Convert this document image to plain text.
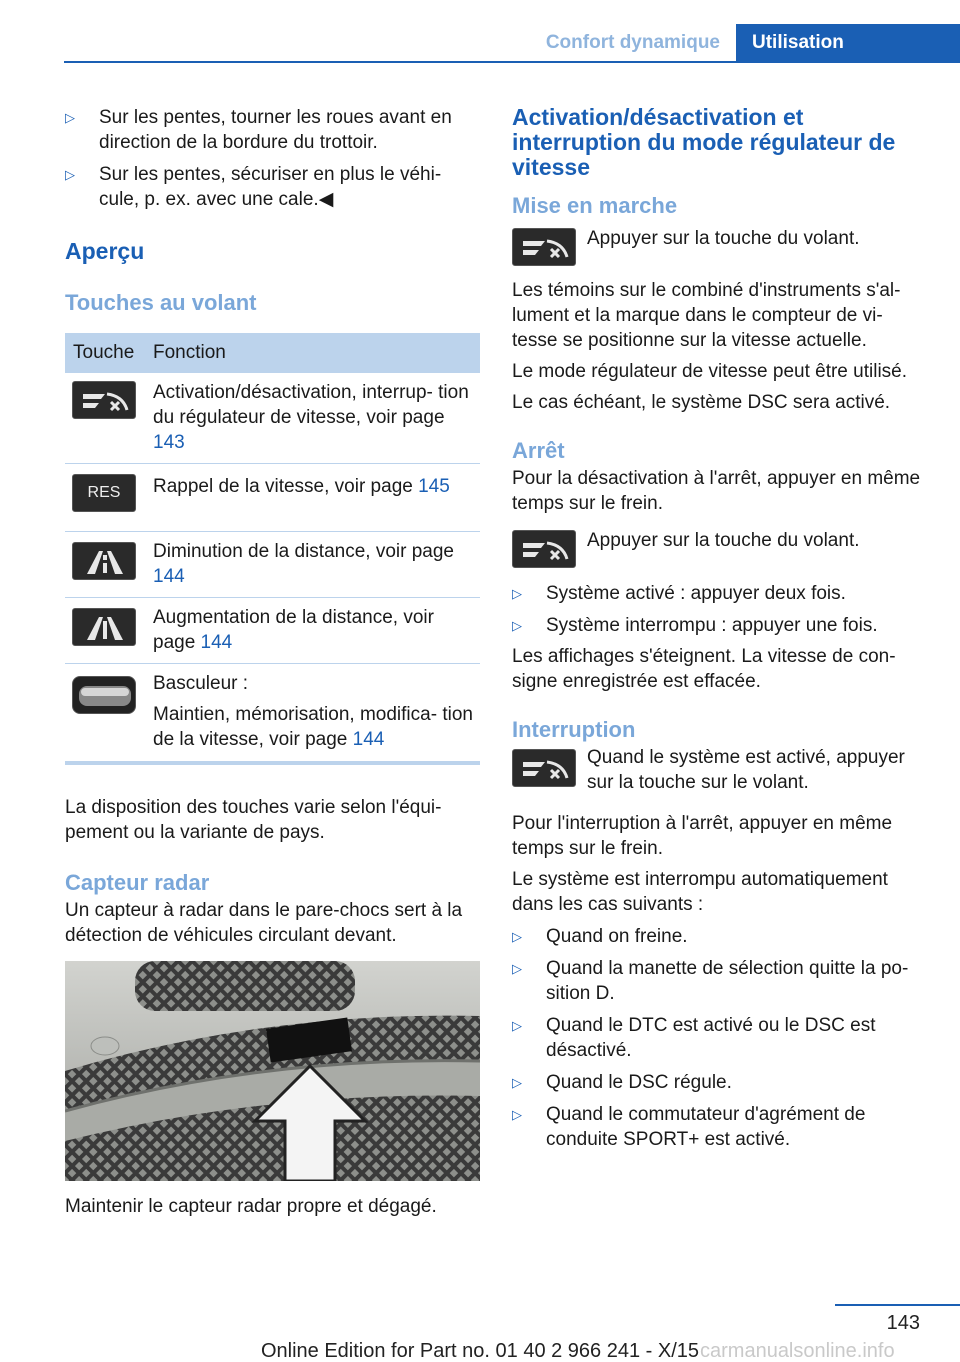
Confort dynamique	Utilisation
▷	Sur les pentes, tourner les roues avant en direction de la bordure du trottoir.
▷	Sur les pentes, sécuriser en plus le véhi- cule, p. ex. avec une cale.◀
Aperçu
Touches au volant
Touche	Fonction

	Activation/désactivation, interrup- tion du régulateur de vitesse, voir page 143
RES	Rappel de la vitesse, voir page 145

	Diminution de la distance, voir page 144

	Augmentation de la distance, voir page 144

Basculeur :
Maintien, mémorisation, modifica- tion de la vitesse, voir page 144
La disposition des touches varie selon l'équi- pement ou la variante de pays.
Capteur radar
Un capteur à radar dans le pare-chocs sert à la détection de véhicules circulant devant.
Maintenir le capteur radar propre et dégagé.
Activation/désactivation et interruption du mode régulateur de vitesse
Mise en marche
Appuyer sur la touche du volant.
Les témoins sur le combiné d'instruments s'al- lument et la marque dans le compteur de vi- tesse se positionne sur la vitesse actuelle.
Le mode régulateur de vitesse peut être utilisé.
Le cas échéant, le système DSC sera activé.
Arrêt
Pour la désactivation à l'arrêt, appuyer en même temps sur le frein.
Appuyer sur la touche du volant.
▷	Système activé : appuyer deux fois.
▷	Système interrompu : appuyer une fois.
Les affichages s'éteignent. La vitesse de con- signe enregistrée est effacée.
Interruption
Quand le système est activé, appuyer sur la touche sur le volant.
Pour l'interruption à l'arrêt, appuyer en même temps sur le frein.
Le système est interrompu automatiquement dans les cas suivants :
▷	Quand on freine.
▷	Quand la manette de sélection quitte la po- sition D.
▷	Quand le DTC est activé ou le DSC est désactivé.
▷	Quand le DSC régule.
▷	Quand le commutateur d'agrément de conduite SPORT+ est activé.
143
Online Edition for Part no. 01 40 2 966 241 - X/15 carmanualsonline.info
